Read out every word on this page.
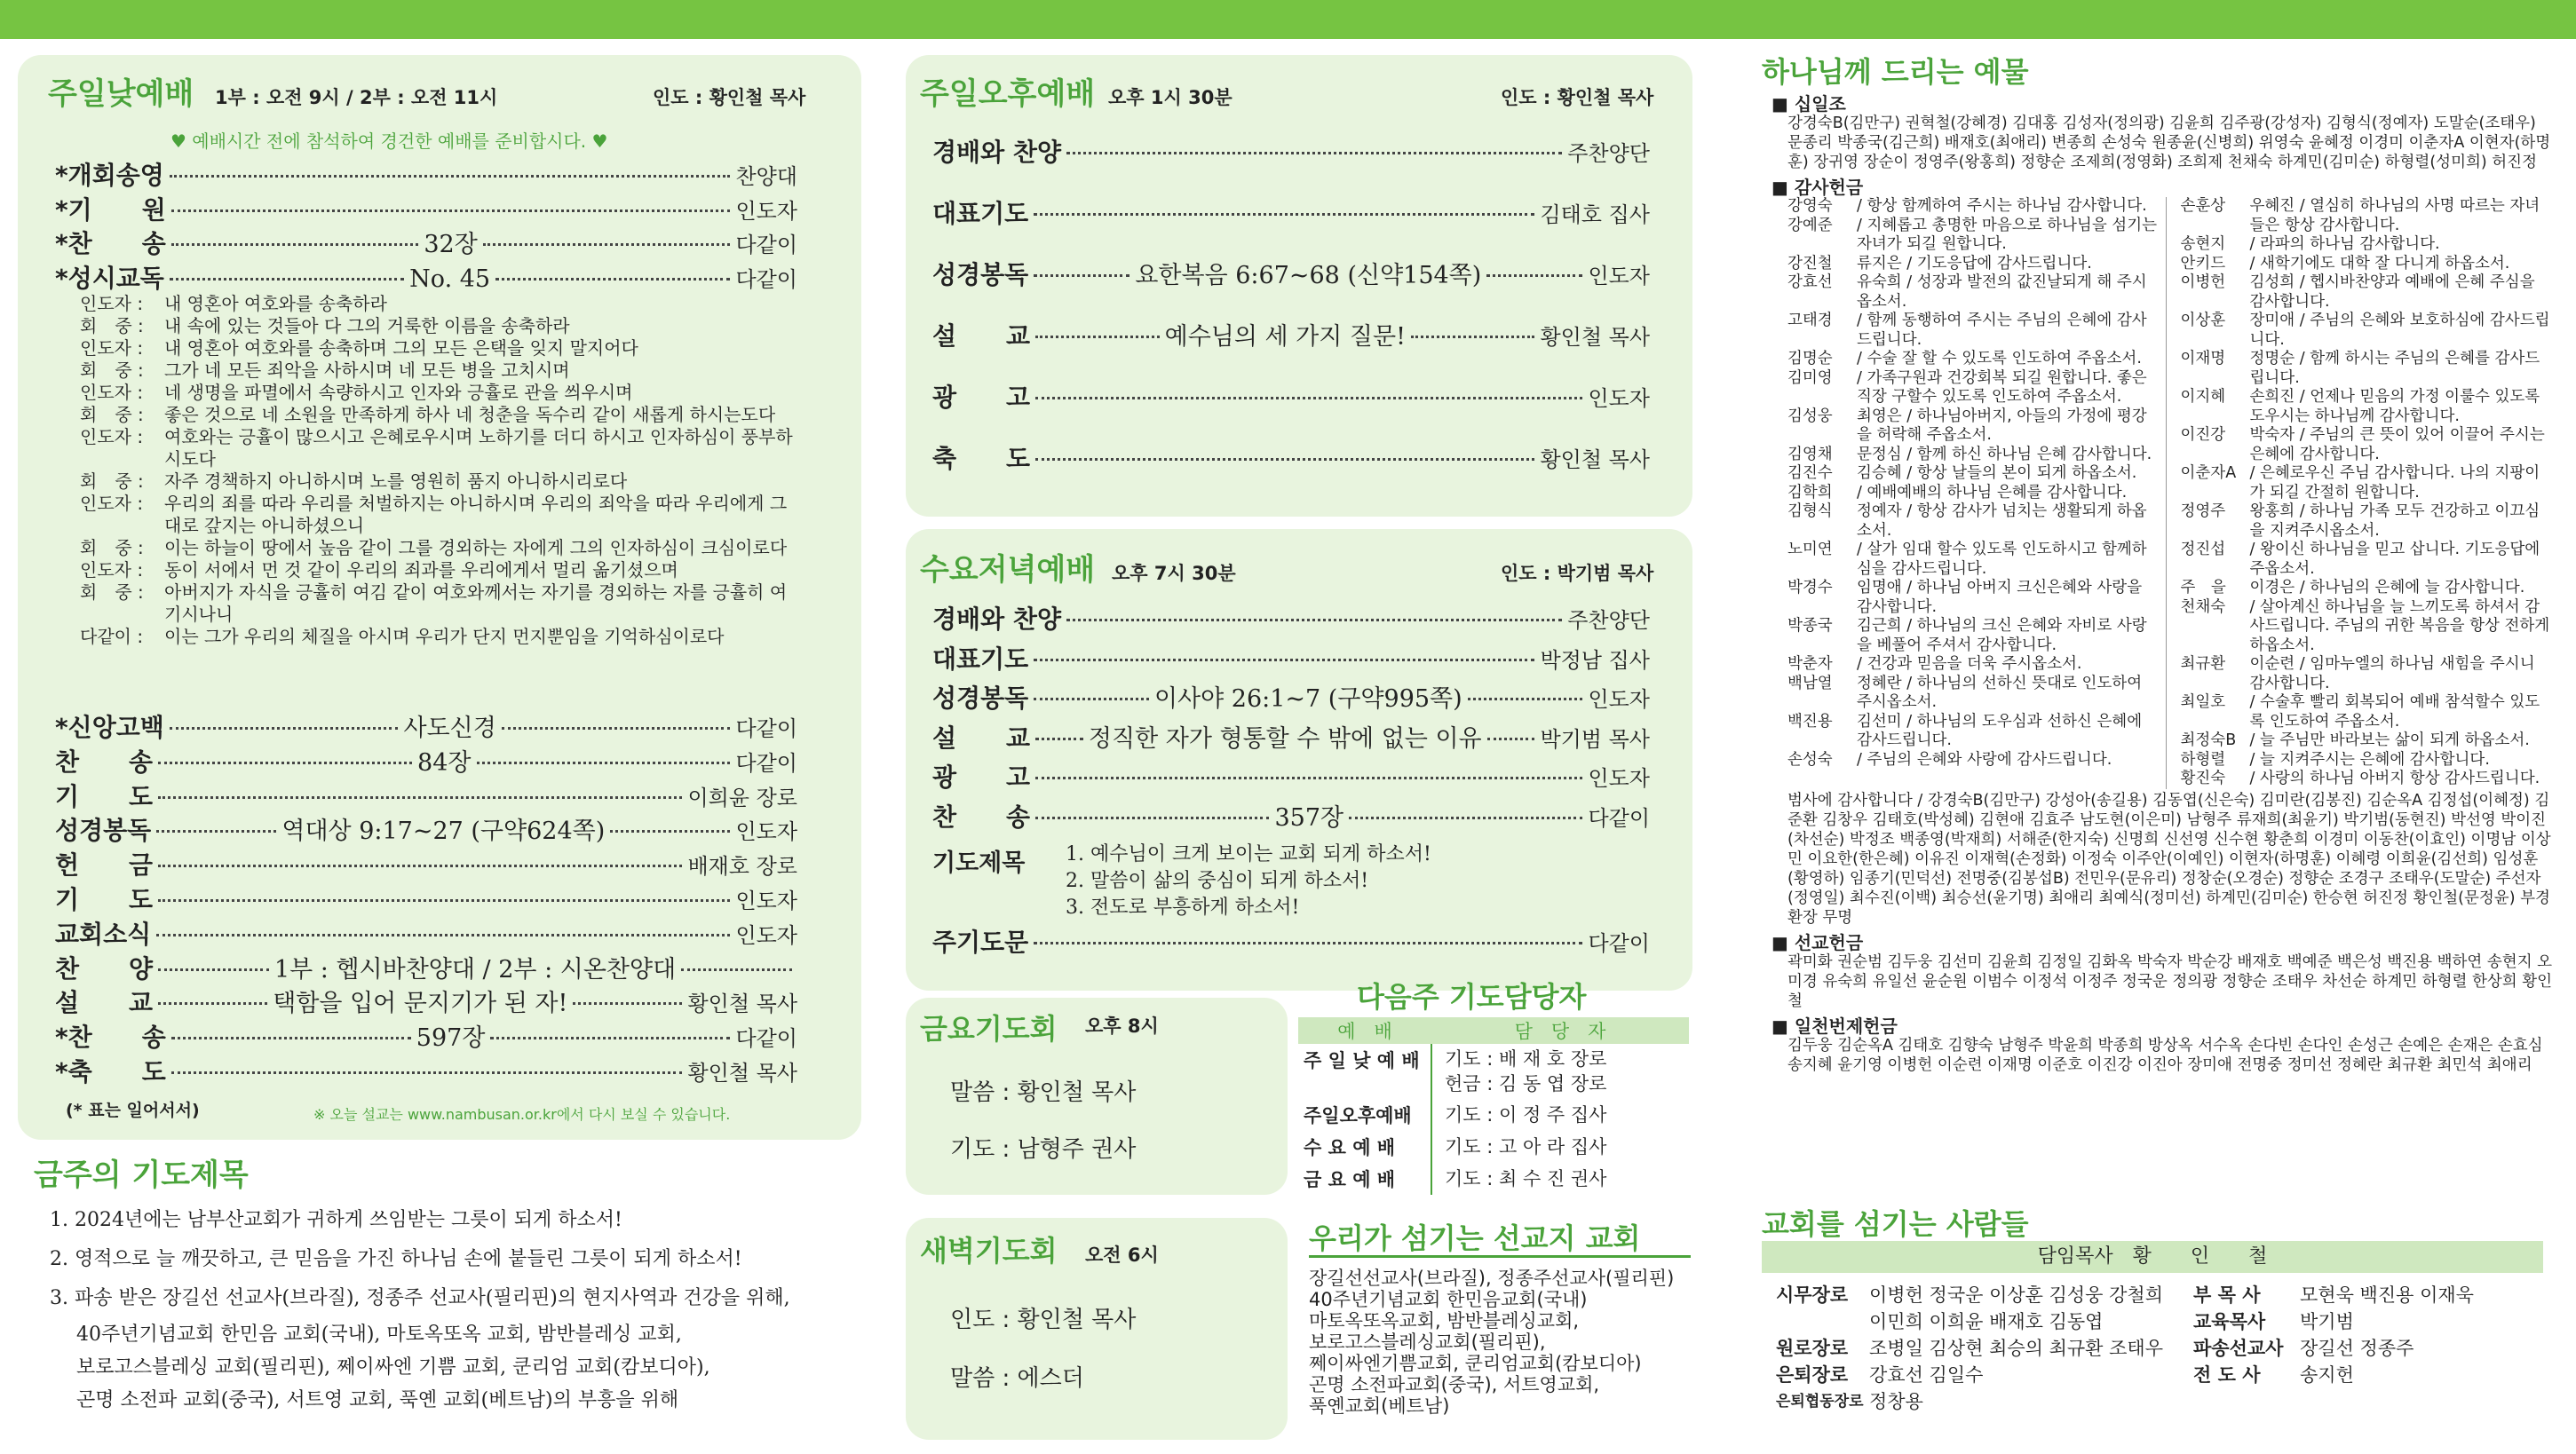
주일낮예배 1부 : 오전 9시 / 2부 : 오전 11시	인도 : 황인철 목사
♥ 예배시간 전에 참석하여 경건한 예배를 준비합시다. ♥
*개회송영	찬양대
*기　　원	인도자
*찬　　송	32장	다같이
*성시교독	No. 45	다같이
인도자 :	내 영혼아 여호와를 송축하라
회　중 :	내 속에 있는 것들아 다 그의 거룩한 이름을 송축하라
인도자 :	내 영혼아 여호와를 송축하며 그의 모든 은택을 잊지 말지어다
회　중 :	그가 네 모든 죄악을 사하시며 네 모든 병을 고치시며
인도자 :	네 생명을 파멸에서 속량하시고 인자와 긍휼로 관을 씌우시며
회　중 :	좋은 것으로 네 소원을 만족하게 하사 네 청춘을 독수리 같이 새롭게 하시는도다
인도자 :	여호와는 긍휼이 많으시고 은혜로우시며 노하기를 더디 하시고 인자하심이 풍부하시도다
회　중 :	자주 경책하지 아니하시며 노를 영원히 품지 아니하시리로다
인도자 :	우리의 죄를 따라 우리를 처벌하지는 아니하시며 우리의 죄악을 따라 우리에게 그대로 갚지는 아니하셨으니
회　중 :	이는 하늘이 땅에서 높음 같이 그를 경외하는 자에게 그의 인자하심이 크심이로다
인도자 :	동이 서에서 먼 것 같이 우리의 죄과를 우리에게서 멀리 옮기셨으며
회　중 :	아버지가 자식을 긍휼히 여김 같이 여호와께서는 자기를 경외하는 자를 긍휼히 여기시나니
다같이 :	이는 그가 우리의 체질을 아시며 우리가 단지 먼지뿐임을 기억하심이로다
*신앙고백	사도신경	다같이
찬　　송	84장	다같이
기　　도	이희윤 장로
성경봉독	역대상 9:17~27 (구약624쪽)	인도자
헌　　금	배재호 장로
기　　도	인도자
교회소식	인도자
찬　　양	1부 : 헵시바찬양대 / 2부 : 시온찬양대
설　　교	택함을 입어 문지기가 된 자!	황인철 목사
*찬　　송	597장	다같이
*축　　도	황인철 목사
(* 표는 일어서서)	※ 오늘 설교는 www.nambusan.or.kr에서 다시 보실 수 있습니다.
금주의 기도제목
1. 2024년에는 남부산교회가 귀하게 쓰임받는 그릇이 되게 하소서!
2. 영적으로 늘 깨끗하고, 큰 믿음을 가진 하나님 손에 붙들린 그릇이 되게 하소서!
3. 파송 받은 장길선 선교사(브라질), 정종주 선교사(필리핀)의 현지사역과 건강을 위해,
40주년기념교회 한민음 교회(국내), 마토옥또옥 교회, 밤반블레싱 교회,
보로고스블레싱 교회(필리핀), 쩨이싸엔 기쁨 교회, 쿤리엄 교회(캄보디아),
곤명 소전파 교회(중국), 서트영 교회, 푹옌 교회(베트남)의 부흥을 위해
주일오후예배 오후 1시 30분	인도 : 황인철 목사
경배와 찬양	주찬양단
대표기도	김태호 집사
성경봉독	요한복음 6:67~68 (신약154쪽)	인도자
설　　교	예수님의 세 가지 질문!	황인철 목사
광　　고	인도자
축　　도	황인철 목사
수요저녁예배 오후 7시 30분	인도 : 박기범 목사
경배와 찬양	주찬양단
대표기도	박정남 집사
성경봉독	이사야 26:1~7 (구약995쪽)	인도자
설　　교 정직한 자가 형통할 수 밖에 없는 이유	박기범 목사
광　　고	인도자
찬　　송	357장	다같이
기도제목 1. 예수님이 크게 보이는 교회 되게 하소서!
2. 말씀이 삶의 중심이 되게 하소서!
3. 전도로 부흥하게 하소서!
주기도문	다같이
금요기도회 오후 8시
말씀 : 황인철 목사
기도 : 남형주 권사
새벽기도회 오전 6시
인도 : 황인철 목사
말씀 : 에스더
다음주 기도담당자
예　배	담　당　자
주 일 낮 예 배	기도 : 배 재 호 장로
헌금 : 김 동 엽 장로

주일오후예배	기도 : 이 정 주 집사

수 요 예 배	기도 : 고 아 라 집사

금 요 예 배	기도 : 최 수 진 권사
우리가 섬기는 선교지 교회
장길선선교사(브라질), 정종주선교사(필리핀)
40주년기념교회 한민음교회(국내)
마토옥또옥교회, 밤반블레싱교회,
보로고스블레싱교회(필리핀),
쩨이싸엔기쁨교회, 쿤리엄교회(캄보디아)
곤명 소전파교회(중국), 서트영교회,
푹옌교회(베트남)
하나님께 드리는 예물
■ 십일조
강경숙B(김만구) 권혁철(강혜경) 김대홍 김성자(정의광) 김윤희 김주광(강성자) 김형식(정예자) 도말순(조태우) 문종리 박종국(김근희) 배재호(최애리) 변종희 손성숙 원종윤(신병희) 위영숙 윤혜정 이경미 이춘자A 이현자(하명훈) 장귀영 장순이 정영주(왕홍희) 정향순 조제희(정영화) 조희제 천채숙 하계민(김미순) 하형렬(성미희) 허진정
■ 감사헌금
강영숙	/ 항상 함께하여 주시는 하나님 감사합니다.
강예준	/ 지혜롭고 총명한 마음으로 하나님을 섬기는 자녀가 되길 원합니다.
강진철	류지은 / 기도응답에 감사드립니다.
강효선	유숙희 / 성장과 발전의 값진날되게 해 주시옵소서.
고태경	/ 함께 동행하여 주시는 주님의 은혜에 감사드립니다.
김명순	/ 수술 잘 할 수 있도록 인도하여 주옵소서.
김미영	/ 가족구원과 건강회복 되길 원합니다. 좋은직장 구할수 있도록 인도하여 주옵소서.
김성웅	최영은 / 하나님아버지, 아들의 가정에 평강을 허락해 주옵소서.
김영채	문정심 / 함께 하신 하나님 은혜 감사합니다.
김진수	김승혜 / 항상 날들의 본이 되게 하옵소서.
김학희	/ 예배예배의 하나님 은혜를 감사합니다.
김형식	정예자 / 항상 감사가 넘치는 생활되게 하옵소서.
노미연	/ 살가 임대 할수 있도록 인도하시고 함께하심을 감사드립니다.
박경수	임명애 / 하나님 아버지 크신은혜와 사랑을 감사합니다.
박종국	김근희 / 하나님의 크신 은혜와 자비로 사랑을 베풀어 주셔서 감사합니다.
박춘자	/ 건강과 믿음을 더욱 주시옵소서.
백남열	정혜란 / 하나님의 선하신 뜻대로 인도하여 주시옵소서.
백진용	김선미 / 하나님의 도우심과 선하신 은혜에 감사드립니다.
손성숙	/ 주님의 은혜와 사랑에 감사드립니다.
손훈상	우혜진 / 열심히 하나님의 사명 따르는 자녀들은 항상 감사합니다.
송현지	/ 라파의 하나님 감사합니다.
안키드	/ 새학기에도 대학 잘 다니게 하옵소서.
이병헌	김성희 / 헵시바찬양과 예배에 은혜 주심을 감사합니다.
이상훈	장미애 / 주님의 은혜와 보호하심에 감사드립니다.
이재명	정명순 / 함께 하시는 주님의 은혜를 감사드립니다.
이지혜	손희진 / 언제나 믿음의 가정 이룰수 있도록 도우시는 하나님께 감사합니다.
이진강	박숙자 / 주님의 큰 뜻이 있어 이끌어 주시는 은혜에 감사합니다.
이춘자A / 은혜로우신 주님 감사합니다. 나의 지팡이가 되길 간절히 원합니다.
정영주	왕홍희 / 하나님 가족 모두 건강하고 이끄심을 지켜주시옵소서.
정진섭	/ 왕이신 하나님을 믿고 삽니다. 기도응답에 주옵소서.
주　을	이경은 / 하나님의 은혜에 늘 감사합니다.
천채숙	/ 살아계신 하나님을 늘 느끼도록 하셔서 감사드립니다. 주님의 귀한 복음을 항상 전하게 하옵소서.
최규환	이순련 / 임마누엘의 하나님 새힘을 주시니 감사합니다.
최일호	/ 수술후 빨리 회복되어 예배 참석할수 있도록 인도하여 주옵소서.
최정숙B / 늘 주님만 바라보는 삶이 되게 하옵소서.
하형렬	/ 늘 지켜주시는 은혜에 감사합니다.
황진숙	/ 사랑의 하나님 아버지 항상 감사드립니다.
범사에 감사합니다 / 강경숙B(김만구) 강성아(송길용) 김동엽(신은숙) 김미란(김봉진) 김순옥A 김정섭(이혜정) 김준환 김창우 김태호(박성혜) 김현애 김효주 남도현(이은미) 남형주 류재희(최윤기) 박기범(동현진) 박선영 박이진(차선순) 박정조 백종영(박재희) 서해준(한지숙) 신명희 신선영 신수현 황춘희 이경미 이동찬(이효인) 이명남 이상민 이요한(한은혜) 이유진 이재혁(손정화) 이정숙 이주안(이예인) 이현자(하명훈) 이혜령 이희윤(김선희) 임성훈(황영하) 임종기(민덕선) 전명중(김봉섭B) 전민우(문유리) 정창순(오경순) 정향순 조경구 조태우(도말순) 주선자(정영일) 최수진(이백) 최승선(윤기명) 최애리 최예식(정미선) 하계민(김미순) 한승현 허진정 황인철(문정윤) 부경환장 무명
■ 선교헌금
곽미화 권순범 김두웅 김선미 김윤희 김정일 김화옥 박숙자 박순강 배재호 백예준 백은성 백진용 백하연 송현지 오미경 유숙희 유일선 윤순원 이범수 이정석 이정주 정국운 정의광 정향순 조태우 차선순 하계민 하형렬 한상희 황인철
■ 일천번제헌금
김두웅 김순옥A 김태호 김향숙 남형주 박윤희 박종희 방상옥 서수옥 손다빈 손다인 손성근 손예은 손재은 손효심 송지혜 윤기영 이병헌 이순련 이재명 이준호 이진강 이진아 장미애 전명중 정미선 정혜란 최규환 최민석 최애리
교회를 섬기는 사람들
담임목사　황　　인　　철
시무장로	이병헌 정국운 이상훈 김성웅 강철희
이민희 이희윤 배재호 김동엽
원로장로	조병일 김상현 최승의 최규환 조태우
은퇴장로	강효선 김일수
은퇴협동장로 정창용
부 목 사	모현욱 백진용 이재욱
교육목사	박기범
파송선교사 장길선 정종주
전 도 사	송지헌
